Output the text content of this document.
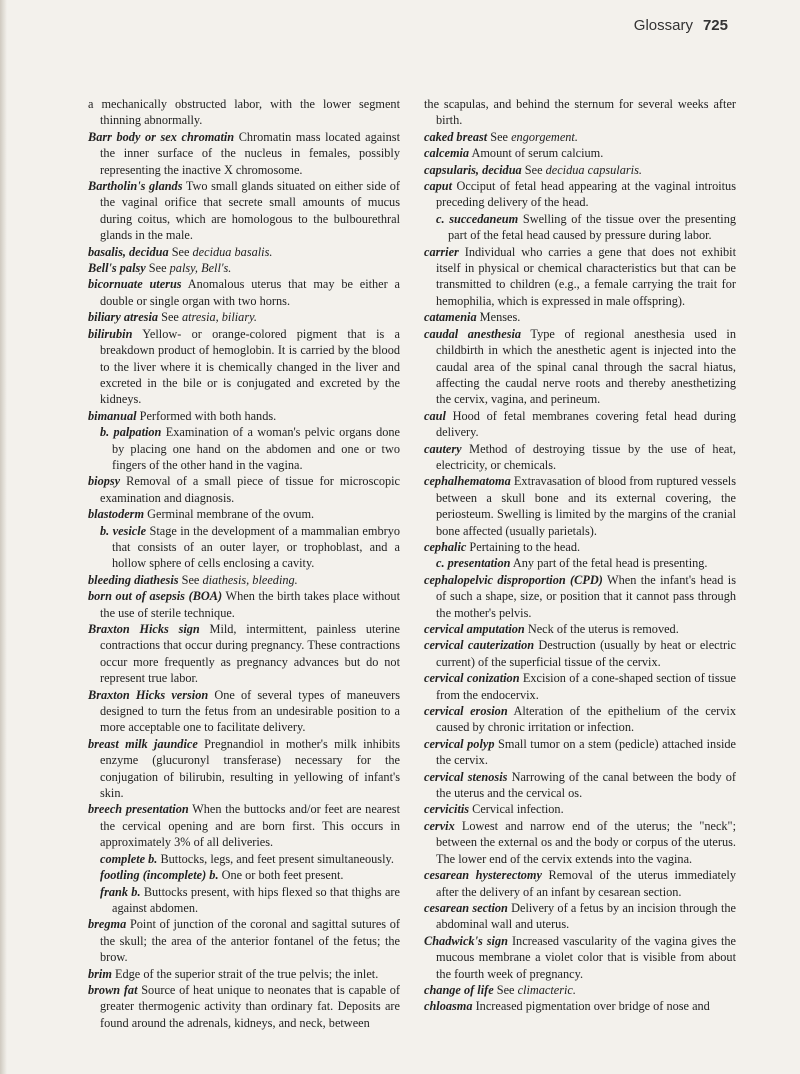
Glossary 725

a mechanically obstructed labor, with the lower segment thinning abnormally.

Barr body or sex chromatin Chromatin mass located against the inner surface of the nucleus in females, possibly representing the inactive X chromosome.

Bartholin's glands Two small glands situated on either side of the vaginal orifice that secrete small amounts of mucus during coitus, which are homologous to the bulbourethral glands in the male.

basalis, decidua See decidua basalis.

Bell's palsy See palsy, Bell's.

bicornuate uterus Anomalous uterus that may be either a double or single organ with two horns.

biliary atresia See atresia, biliary.

bilirubin Yellow- or orange-colored pigment that is a breakdown product of hemoglobin. It is carried by the blood to the liver where it is chemically changed in the liver and excreted in the bile or is conjugated and excreted by the kidneys.

bimanual Performed with both hands.

b. palpation Examination of a woman's pelvic organs done by placing one hand on the abdomen and one or two fingers of the other hand in the vagina.

biopsy Removal of a small piece of tissue for microscopic examination and diagnosis.

blastoderm Germinal membrane of the ovum.

b. vesicle Stage in the development of a mammalian embryo that consists of an outer layer, or trophoblast, and a hollow sphere of cells enclosing a cavity.

bleeding diathesis See diathesis, bleeding.

born out of asepsis (BOA) When the birth takes place without the use of sterile technique.

Braxton Hicks sign Mild, intermittent, painless uterine contractions that occur during pregnancy. These contractions occur more frequently as pregnancy advances but do not represent true labor.

Braxton Hicks version One of several types of maneuvers designed to turn the fetus from an undesirable position to a more acceptable one to facilitate delivery.

breast milk jaundice Pregnandiol in mother's milk inhibits enzyme (glucuronyl transferase) necessary for the conjugation of bilirubin, resulting in yellowing of infant's skin.

breech presentation When the buttocks and/or feet are nearest the cervical opening and are born first. This occurs in approximately 3% of all deliveries.

complete b. Buttocks, legs, and feet present simultaneously.

footling (incomplete) b. One or both feet present.

frank b. Buttocks present, with hips flexed so that thighs are against abdomen.

bregma Point of junction of the coronal and sagittal sutures of the skull; the area of the anterior fontanel of the fetus; the brow.

brim Edge of the superior strait of the true pelvis; the inlet.

brown fat Source of heat unique to neonates that is capable of greater thermogenic activity than ordinary fat. Deposits are found around the adrenals, kidneys, and neck, between

the scapulas, and behind the sternum for several weeks after birth.

caked breast See engorgement.

calcemia Amount of serum calcium.

capsularis, decidua See decidua capsularis.

caput Occiput of fetal head appearing at the vaginal introitus preceding delivery of the head.

c. succedaneum Swelling of the tissue over the presenting part of the fetal head caused by pressure during labor.

carrier Individual who carries a gene that does not exhibit itself in physical or chemical characteristics but that can be transmitted to children (e.g., a female carrying the trait for hemophilia, which is expressed in male offspring).

catamenia Menses.

caudal anesthesia Type of regional anesthesia used in childbirth in which the anesthetic agent is injected into the caudal area of the spinal canal through the sacral hiatus, affecting the caudal nerve roots and thereby anesthetizing the cervix, vagina, and perineum.

caul Hood of fetal membranes covering fetal head during delivery.

cautery Method of destroying tissue by the use of heat, electricity, or chemicals.

cephalhematoma Extravasation of blood from ruptured vessels between a skull bone and its external covering, the periosteum. Swelling is limited by the margins of the cranial bone affected (usually parietals).

cephalic Pertaining to the head.

c. presentation Any part of the fetal head is presenting.

cephalopelvic disproportion (CPD) When the infant's head is of such a shape, size, or position that it cannot pass through the mother's pelvis.

cervical amputation Neck of the uterus is removed.

cervical cauterization Destruction (usually by heat or electric current) of the superficial tissue of the cervix.

cervical conization Excision of a cone-shaped section of tissue from the endocervix.

cervical erosion Alteration of the epithelium of the cervix caused by chronic irritation or infection.

cervical polyp Small tumor on a stem (pedicle) attached inside the cervix.

cervical stenosis Narrowing of the canal between the body of the uterus and the cervical os.

cervicitis Cervical infection.

cervix Lowest and narrow end of the uterus; the "neck"; between the external os and the body or corpus of the uterus. The lower end of the cervix extends into the vagina.

cesarean hysterectomy Removal of the uterus immediately after the delivery of an infant by cesarean section.

cesarean section Delivery of a fetus by an incision through the abdominal wall and uterus.

Chadwick's sign Increased vascularity of the vagina gives the mucous membrane a violet color that is visible from about the fourth week of pregnancy.

change of life See climacteric.

chloasma Increased pigmentation over bridge of nose and
